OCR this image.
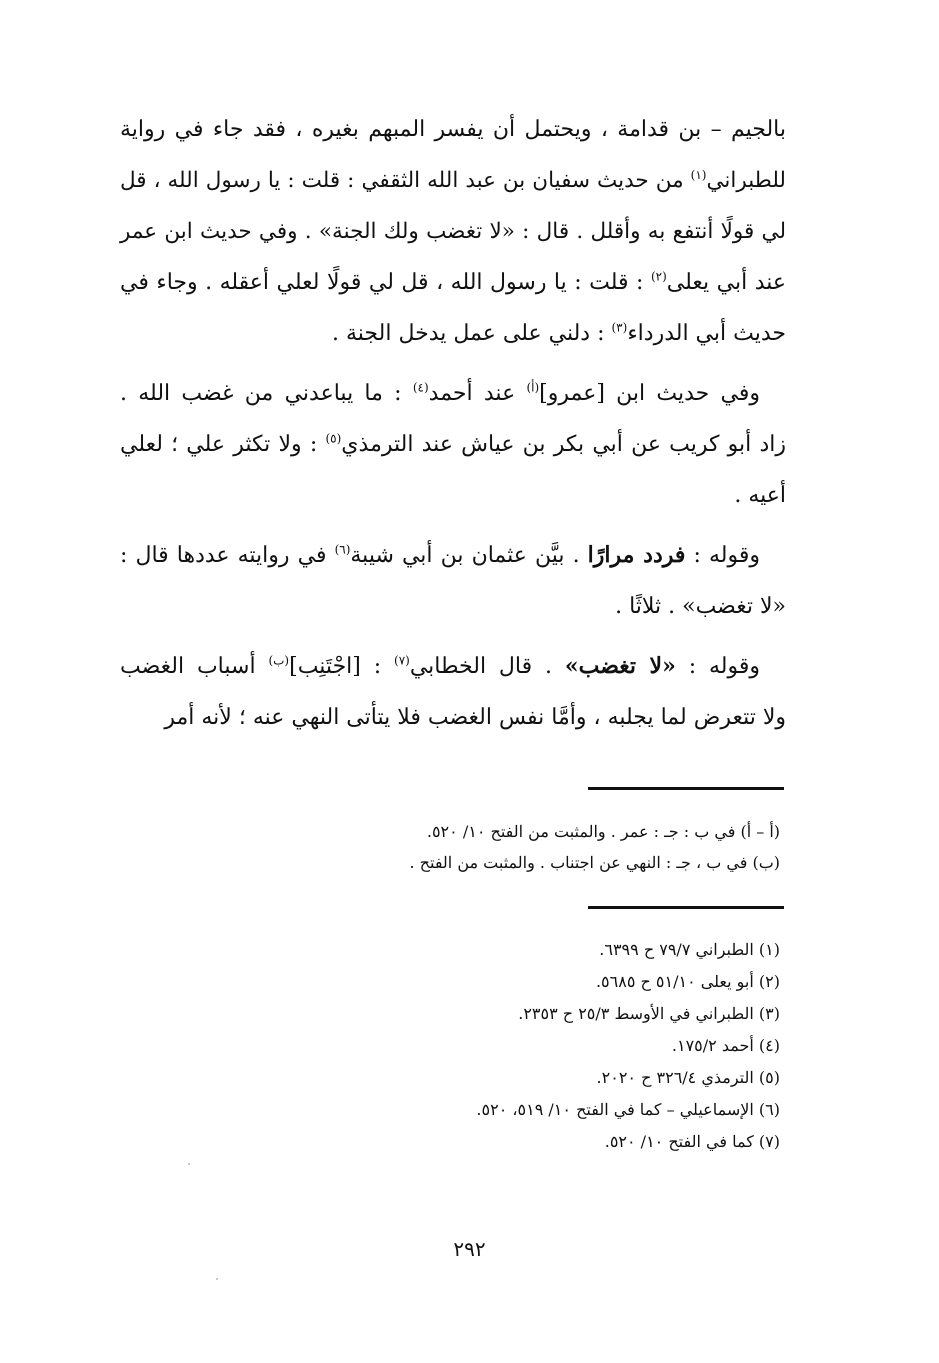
بالجيم – بن قدامة ، ويحتمل أن يفسر المبهم بغيره ، فقد جاء في رواية
للطبراني$^{(١)}$ من حديث سفيان بن عبد الله الثقفي : قلت : يا رسول الله ، قل
لي قولًا أنتفع به وأقلل . قال : «لا تغضب ولك الجنة» . وفي حديث ابن عمر
عند أبي يعلى$^{(٢)}$ : قلت : يا رسول الله ، قل لي قولًا لعلي أعقله . وجاء في
حديث أبي الدرداء$^{(٣)}$ : دلني على عمل يدخل الجنة .
وفي حديث ابن [عمرو]$^{(أ)}$ عند أحمد$^{(٤)}$ : ما يباعدني من غضب الله .
زاد أبو كريب عن أبي بكر بن عياش عند الترمذي$^{(٥)}$ : ولا تكثر علي ؛ لعلي
أعيه .
وقوله : فردد مرارًا . بيَّن عثمان بن أبي شيبة$^{(٦)}$ في روايته عددها قال :
«لا تغضب» . ثلاثًا .
وقوله : «لا تغضب» . قال الخطابي$^{(٧)}$ : [اجْتَنِب]$^{(ب)}$ أسباب الغضب
ولا تتعرض لما يجلبه ، وأمَّا نفس الغضب فلا يتأتى النهي عنه ؛ لأنه أمر
(أ – أ) في ب : جـ : عمر . والمثبت من الفتح ١٠/ ٥٢٠.
(ب) في ب ، جـ : النهي عن اجتناب . والمثبت من الفتح .
(١) الطبراني ٧٩/٧ ح ٦٣٩٩.
(٢) أبو يعلى ٥١/١٠ ح ٥٦٨٥.
(٣) الطبراني في الأوسط ٢٥/٣ ح ٢٣٥٣.
(٤) أحمد ١٧٥/٢.
(٥) الترمذي ٣٢٦/٤ ح ٢٠٢٠.
(٦) الإسماعيلي – كما في الفتح ١٠/ ٥١٩، ٥٢٠.
(٧) كما في الفتح ١٠/ ٥٢٠.
٢٩٢
